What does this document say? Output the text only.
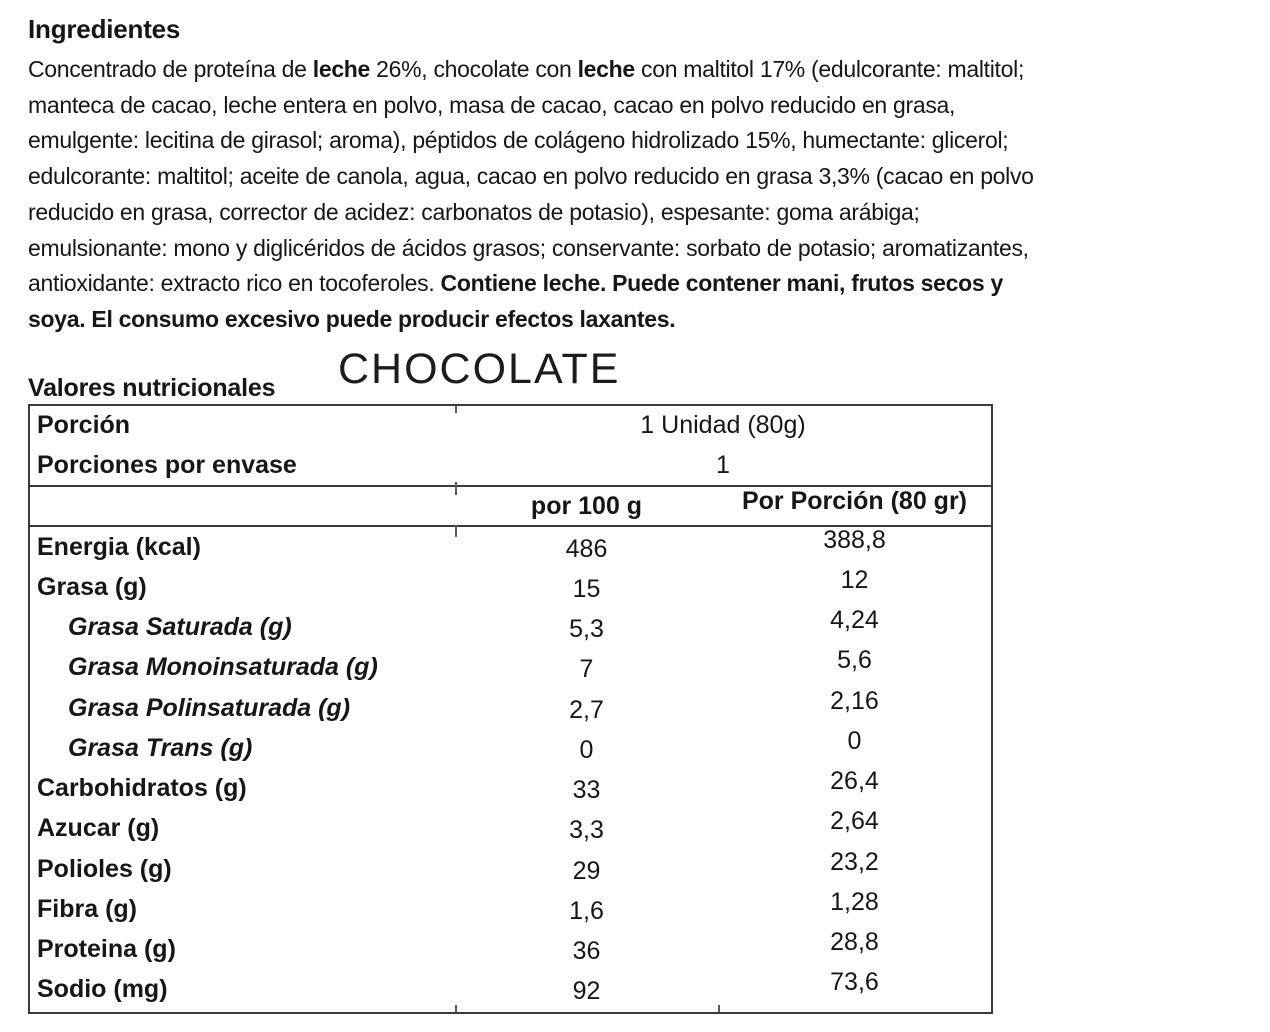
Ingredientes
Concentrado de proteína de leche 26%, chocolate con leche con maltitol 17% (edulcorante: maltitol;
manteca de cacao, leche entera en polvo, masa de cacao, cacao en polvo reducido en grasa,
emulgente: lecitina de girasol; aroma), péptidos de colágeno hidrolizado 15%, humectante: glicerol;
edulcorante: maltitol; aceite de canola, agua, cacao en polvo reducido en grasa 3,3% (cacao en polvo
reducido en grasa, corrector de acidez: carbonatos de potasio), espesante: goma arábiga;
emulsionante: mono y diglicéridos de ácidos grasos; conservante: sorbato de potasio; aromatizantes,
antioxidante: extracto rico en tocoferoles. Contiene leche. Puede contener mani, frutos secos y
soya. El consumo excesivo puede producir efectos laxantes.
CHOCOLATE
Valores nutricionales
Porción	1 Unidad (80g)
Porciones por envase	1
por 100 g	Por Porción (80 gr)
Energia (kcal)	486	388,8
Grasa (g)	15	12
Grasa Saturada (g)	5,3	4,24
Grasa Monoinsaturada (g)	7	5,6
Grasa Polinsaturada (g)	2,7	2,16
Grasa Trans (g)	0	0
Carbohidratos (g)	33	26,4
Azucar (g)	3,3	2,64
Polioles (g)	29	23,2
Fibra (g)	1,6	1,28
Proteina (g)	36	28,8
Sodio (mg)	92	73,6
